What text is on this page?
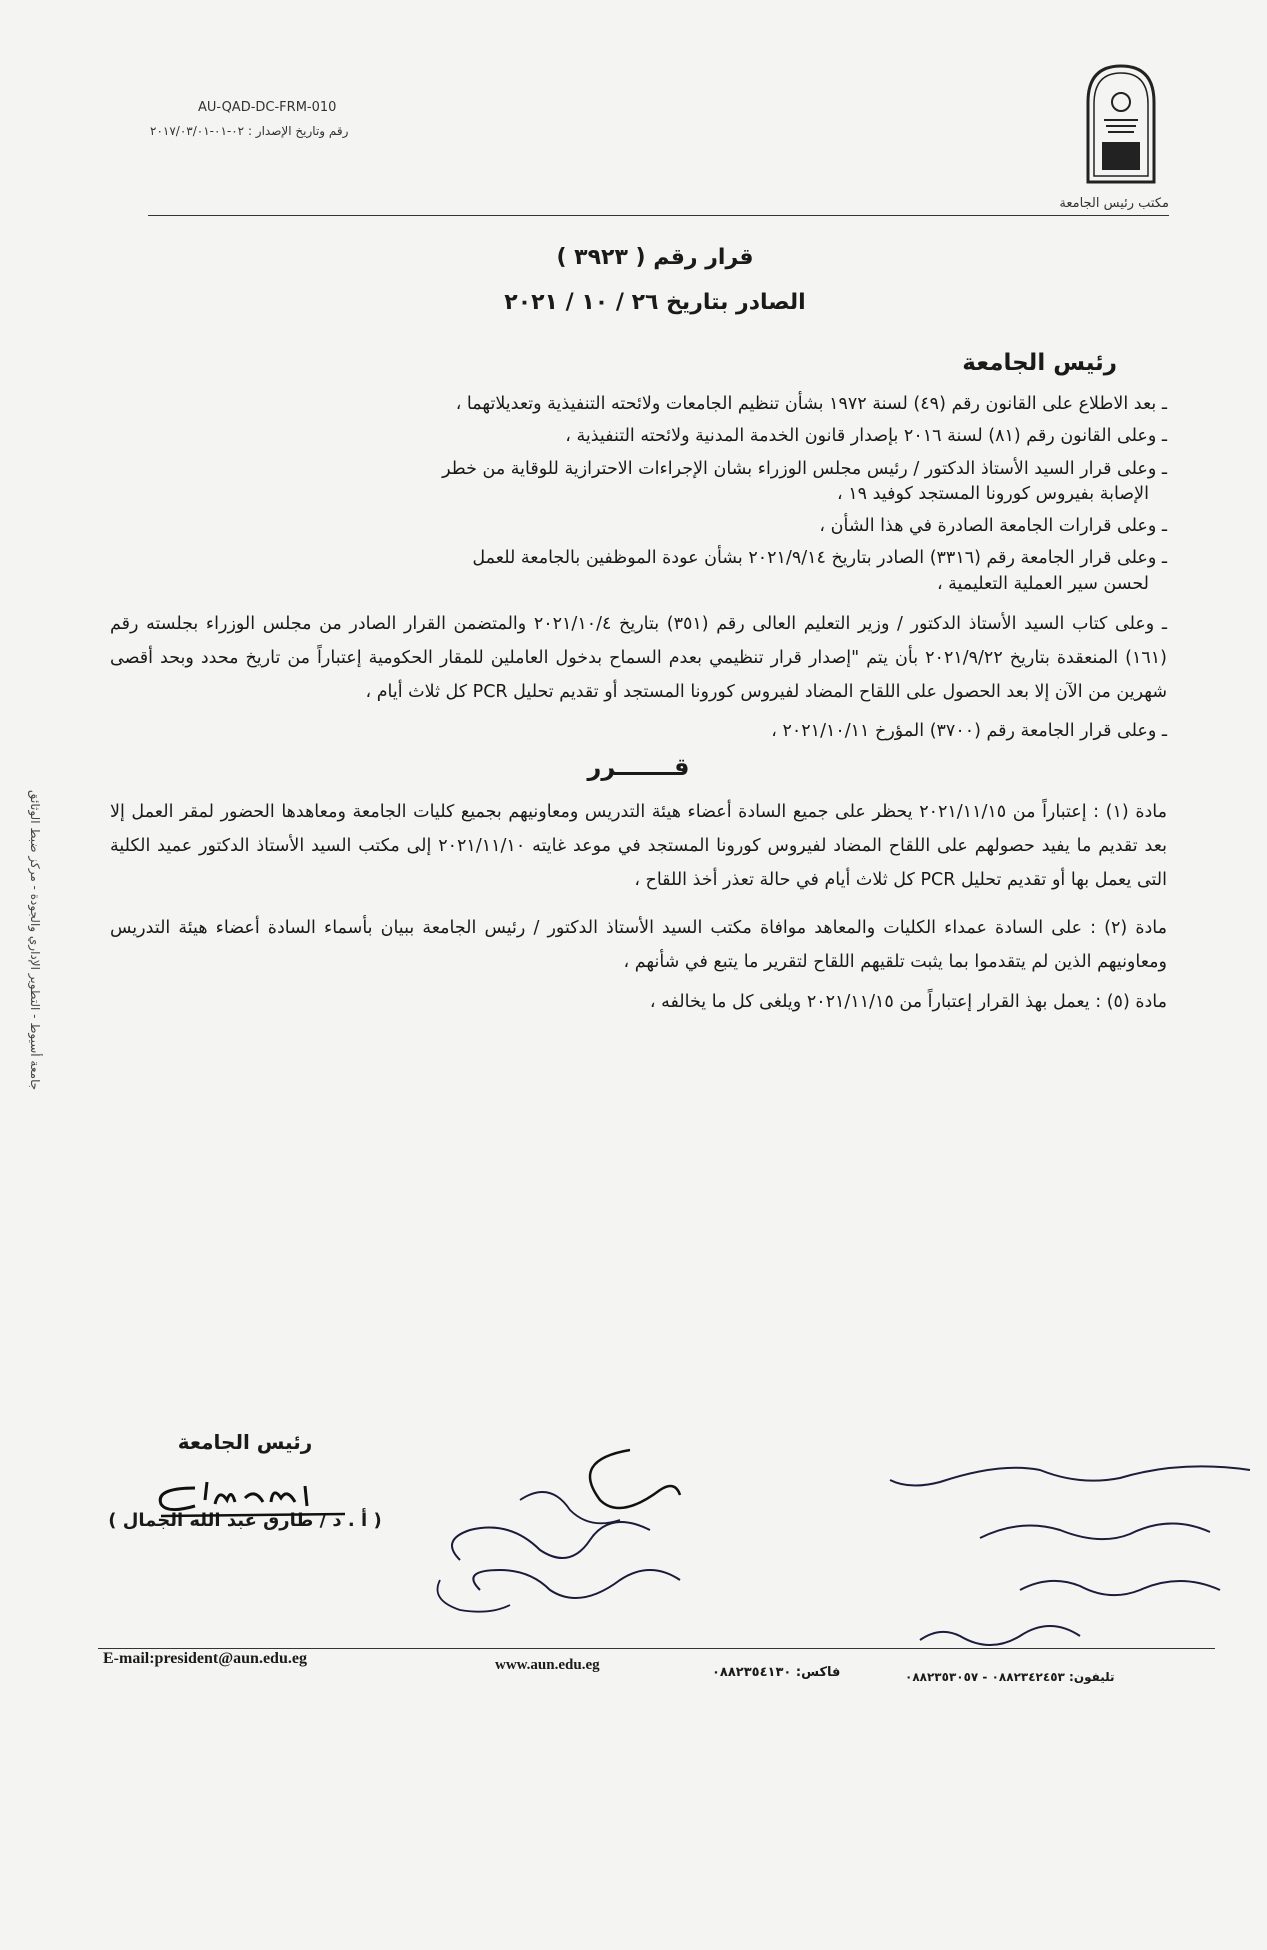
AU-QAD-DC-FRM-010
رقم وتاريخ الإصدار : ٠٢-٠١-٢٠١٧/٠٣/٠١
مكتب رئيس الجامعة
قرار رقم ( ٣٩٢٣ )
الصادر بتاريخ ٢٦ / ١٠ / ٢٠٢١
رئيس الجامعة
ـ بعد الاطلاع على القانون رقم (٤٩) لسنة ١٩٧٢ بشأن تنظيم الجامعات ولائحته التنفيذية وتعديلاتهما ،
ـ وعلى القانون رقم (٨١) لسنة ٢٠١٦ بإصدار قانون الخدمة المدنية ولائحته التنفيذية ،
ـ وعلى قرار السيد الأستاذ الدكتور / رئيس مجلس الوزراء بشان الإجراءات الاحترازية للوقاية من خطر
الإصابة بفيروس كورونا المستجد كوفيد ١٩ ،
ـ وعلى قرارات الجامعة الصادرة في هذا الشأن ،
ـ وعلى قرار الجامعة رقم (٣٣١٦) الصادر بتاريخ ٢٠٢١/٩/١٤ بشأن عودة الموظفين بالجامعة للعمل
لحسن سير العملية التعليمية ،
ـ وعلى كتاب السيد الأستاذ الدكتور / وزير التعليم العالى رقم (٣٥١) بتاريخ ٢٠٢١/١٠/٤ والمتضمن القرار الصادر من مجلس الوزراء بجلسته رقم (١٦١) المنعقدة بتاريخ ٢٠٢١/٩/٢٢ بأن يتم "إصدار قرار تنظيمي بعدم السماح بدخول العاملين للمقار الحكومية إعتباراً من تاريخ محدد وبحد أقصى شهرين من الآن إلا بعد الحصول على اللقاح المضاد لفيروس كورونا المستجد أو تقديم تحليل PCR كل ثلاث أيام ،
ـ وعلى قرار الجامعة رقم (٣٧٠٠) المؤرخ ٢٠٢١/١٠/١١ ،
قـــــــرر
مادة (١) : إعتباراً من ٢٠٢١/١١/١٥ يحظر على جميع السادة أعضاء هيئة التدريس ومعاونيهم بجميع كليات الجامعة ومعاهدها الحضور لمقر العمل إلا بعد تقديم ما يفيد حصولهم على اللقاح المضاد لفيروس كورونا المستجد في موعد غايته ٢٠٢١/١١/١٠ إلى مكتب السيد الأستاذ الدكتور عميد الكلية التى يعمل بها أو تقديم تحليل PCR كل ثلاث أيام في حالة تعذر أخذ اللقاح ،
مادة (٢) : على السادة عمداء الكليات والمعاهد موافاة مكتب السيد الأستاذ الدكتور / رئيس الجامعة ببيان بأسماء السادة أعضاء هيئة التدريس ومعاونيهم الذين لم يتقدموا بما يثبت تلقيهم اللقاح لتقرير ما يتبع في شأنهم ،
مادة (٥) : يعمل بهذ القرار إعتباراً من ٢٠٢١/١١/١٥ ويلغى كل ما يخالفه ،
رئيس الجامعة
( أ . د / طارق عبد الله الجمال )
E-mail:president@aun.edu.eg	www.aun.edu.eg	فاكس: ٠٨٨٢٣٥٤١٣٠	تليفون: ٠٨٨٢٣٤٢٤٥٣ - ٠٨٨٢٣٥٣٠٥٧
جامعة أسيوط - التطوير الإداري والجودة - مركز ضبط الوثائق
